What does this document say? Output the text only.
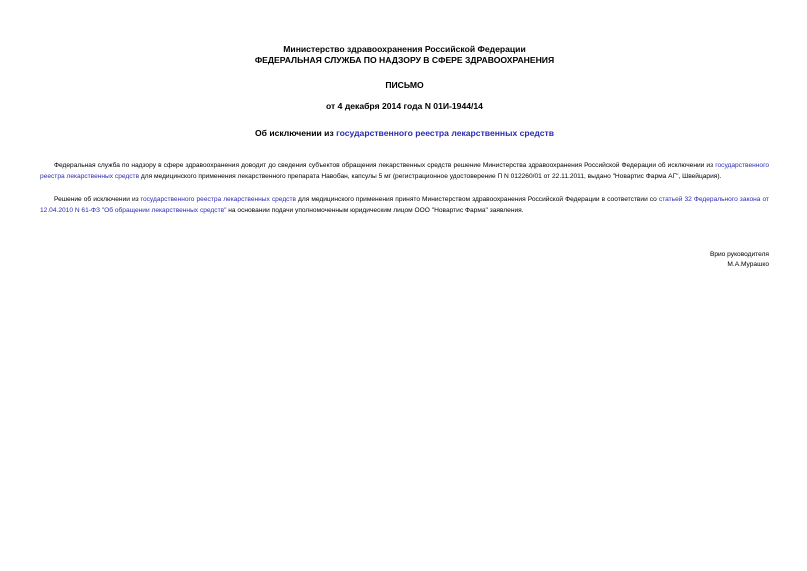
Министерство здравоохранения Российской Федерации
ФЕДЕРАЛЬНАЯ СЛУЖБА ПО НАДЗОРУ В СФЕРЕ ЗДРАВООХРАНЕНИЯ
ПИСЬМО
от 4 декабря 2014 года N 01И-1944/14
Об исключении из государственного реестра лекарственных средств

Федеральная служба по надзору в сфере здравоохранения доводит до сведения субъектов обращения лекарственных средств решение Министерства здравоохранения Российской Федерации об исключении из государственного реестра лекарственных средств для медицинского применения лекарственного препарата Навобан, капсулы 5 мг (регистрационное удостоверение П N 012260/01 от 22.11.2011, выдано "Новартис Фарма АГ", Швейцария).

Решение об исключении из государственного реестра лекарственных средств для медицинского применения принято Министерством здравоохранения Российской Федерации в соответствии со статьей 32 Федерального закона от 12.04.2010 N 61-ФЗ "Об обращении лекарственных средств" на основании подачи уполномоченным юридическим лицом ООО "Новартис Фарма" заявления.

Врио руководителя
М.А.Мурашко
